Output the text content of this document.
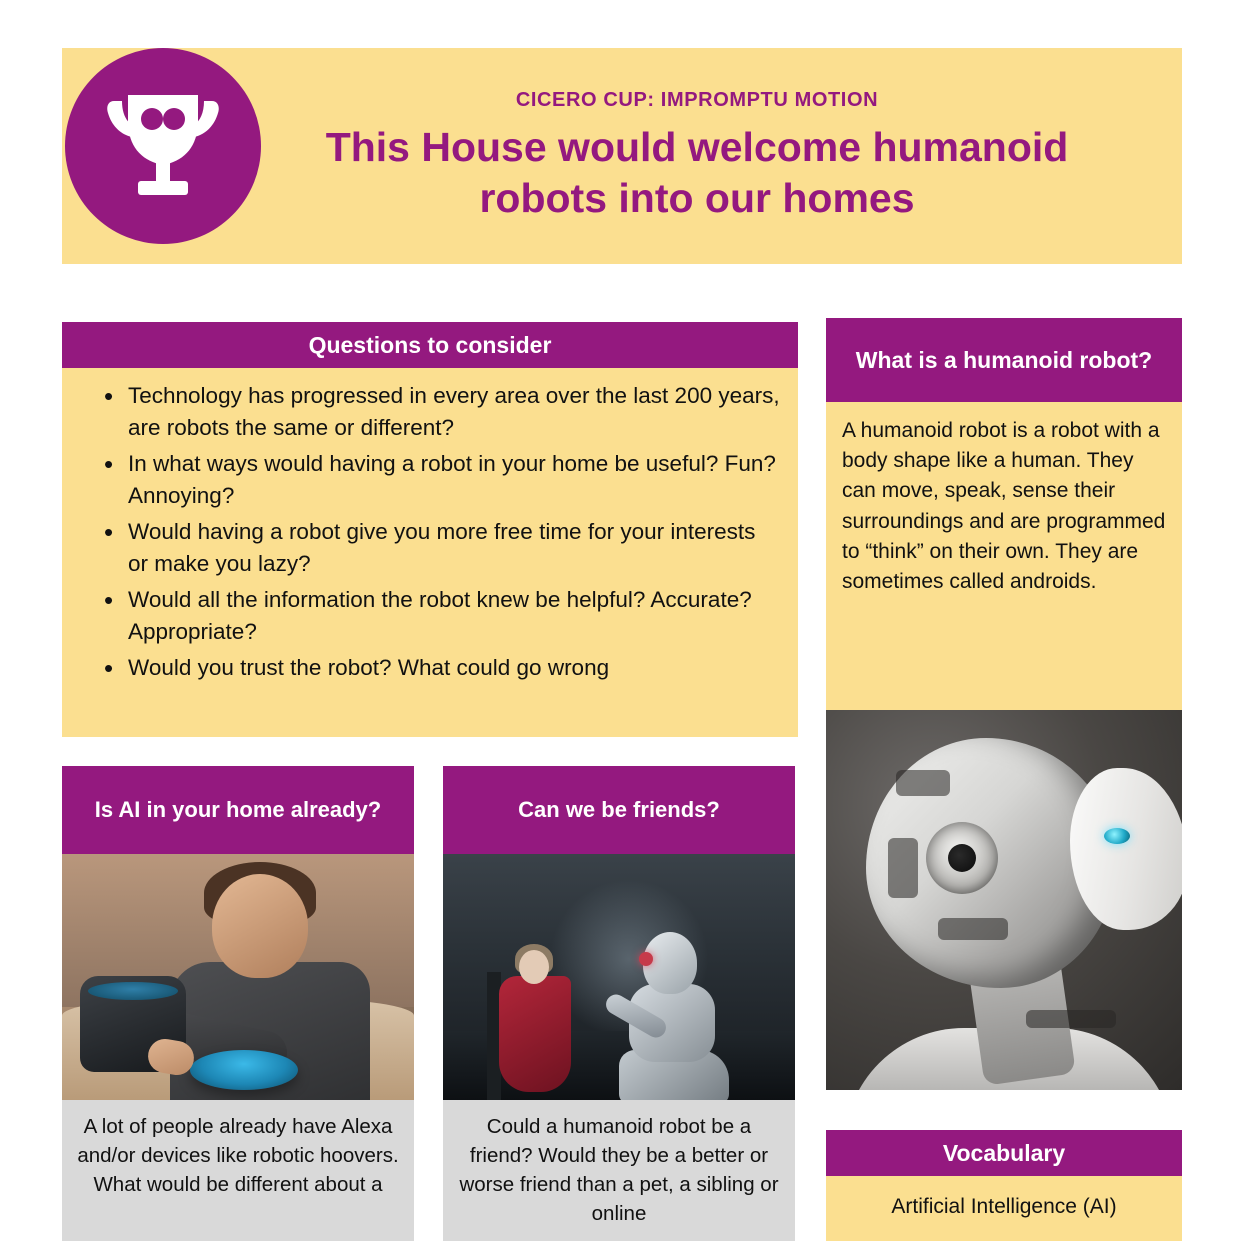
CICERO CUP: IMPROMPTU MOTION
This House would welcome humanoid robots into our homes
Questions to consider
• Technology has progressed in every area over the last 200 years, are robots the same or different?
• In what ways would having a robot in your home be useful? Fun? Annoying?
• Would having a robot give you more free time for your interests or make you lazy?
• Would all the information the robot knew be helpful? Accurate? Appropriate?
• Would you trust the robot? What could go wrong
What is a humanoid robot?

A humanoid robot is a robot with a body shape like a human. They can move, speak, sense their surroundings and are programmed to “think” on their own. They are sometimes called androids.

Is AI in your home already?

A lot of people already have Alexa and/or devices like robotic hoovers. What would be different about a

Can we be friends?

Could a humanoid robot be a friend? Would they be a better or worse friend than a pet, a sibling or online

Vocabulary

Artificial Intelligence (AI)
